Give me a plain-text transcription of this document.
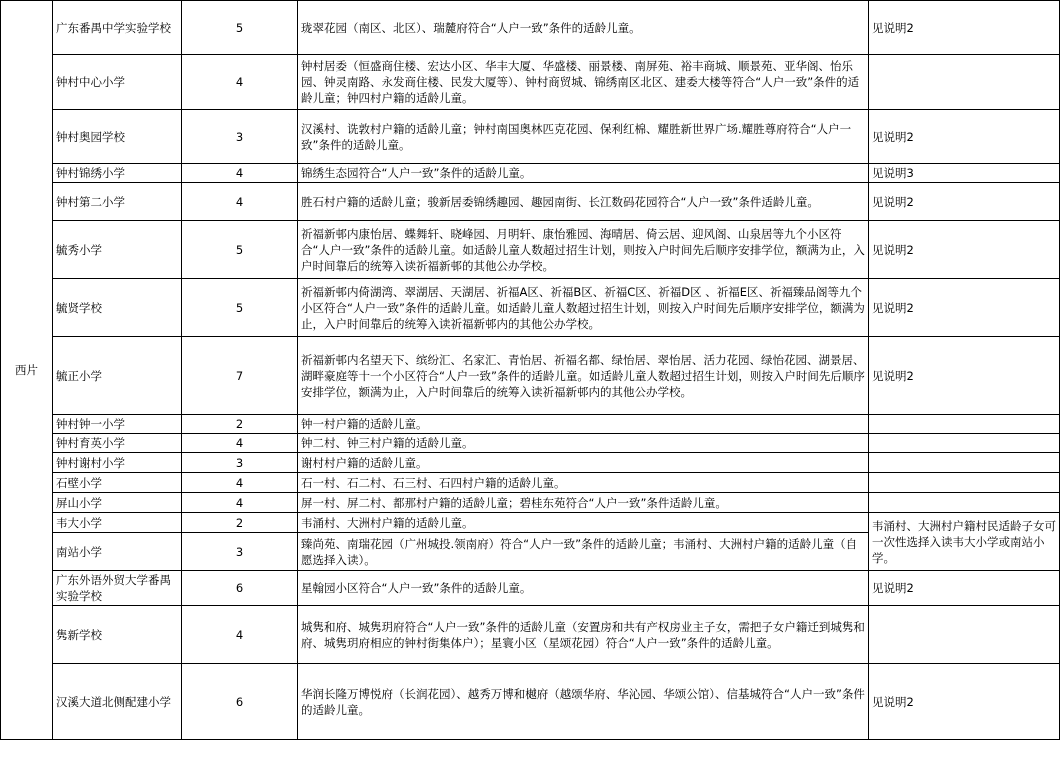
西片	广东番禺中学实验学校	5	珑翠花园（南区、北区）、瑞麓府符合“人户一致”条件的适龄儿童。	见说明2
	钟村中心小学	4	钟村居委（恒盛商住楼、宏达小区、华丰大厦、华盛楼、丽景楼、南屏苑、裕丰商城、顺景苑、亚华阁、怡乐园、钟灵南路、永发商住楼、民发大厦等）、钟村商贸城、锦绣南区北区、建委大楼等符合“人户一致”条件的适龄儿童；钟四村户籍的适龄儿童。	
	钟村奥园学校	3	汉溪村、诜敦村户籍的适龄儿童；钟村南国奥林匹克花园、保利红棉、耀胜新世界广场.耀胜尊府符合“人户一致”条件的适龄儿童。	见说明2
	钟村锦绣小学	4	锦绣生态园符合“人户一致”条件的适龄儿童。	见说明3
	钟村第二小学	4	胜石村户籍的适龄儿童；骏新居委锦绣趣园、趣园南街、长江数码花园符合“人户一致”条件适龄儿童。	见说明2
	毓秀小学	5	祈福新邨内康怡居、蝶舞轩、晓峰园、月明轩、康怡雅园、海晴居、倚云居、迎风阁、山泉居等九个小区符合“人户一致”条件的适龄儿童。如适龄儿童人数超过招生计划，则按入户时间先后顺序安排学位，额满为止，入户时间靠后的统筹入读祈福新邨的其他公办学校。	见说明2
	毓贤学校	5	祈福新邨内倚湖湾、翠湖居、天湖居、祈福A区、祈福B区、祈福C区、祈福D区 、祈福E区、祈福臻品阁等九个小区符合“人户一致”条件的适龄儿童。如适龄儿童人数超过招生计划，则按入户时间先后顺序安排学位，额满为止，入户时间靠后的统筹入读祈福新邨内的其他公办学校。	见说明2
	毓正小学	7	祈福新邨内名望天下、缤纷汇、名家汇、青怡居、祈福名都、绿怡居、翠怡居、活力花园、绿怡花园、湖景居、湖畔豪庭等十一个小区符合“人户一致”条件的适龄儿童。如适龄儿童人数超过招生计划，则按入户时间先后顺序安排学位，额满为止，入户时间靠后的统筹入读祈福新邨内的其他公办学校。	见说明2
	钟村钟一小学	2	钟一村户籍的适龄儿童。	
	钟村育英小学	4	钟二村、钟三村户籍的适龄儿童。	
	钟村谢村小学	3	谢村村户籍的适龄儿童。	
	石壁小学	4	石一村、石二村、石三村、石四村户籍的适龄儿童。	
	屏山小学	4	屏一村、屏二村、都那村户籍的适龄儿童；碧桂东苑符合“人户一致”条件适龄儿童。	
	韦大小学	2	韦涌村、大洲村户籍的适龄儿童。	韦涌村、大洲村户籍村民适龄子女可一次性选择入读韦大小学或南站小学。
	南站小学	3	臻尚苑、南瑞花园（广州城投.领南府）符合“人户一致”条件的适龄儿童；韦涌村、大洲村户籍的适龄儿童（自愿选择入读）。	
	广东外语外贸大学番禺实验学校	6	星翰园小区符合“人户一致”条件的适龄儿童。	见说明2
	隽新学校	4	城隽和府、城隽玥府符合“人户一致”条件的适龄儿童（安置房和共有产权房业主子女，需把子女户籍迁到城隽和府、城隽玥府相应的钟村街集体户）；星寰小区（星颂花园）符合“人户一致”条件的适龄儿童。	
	汉溪大道北侧配建小学	6	华润长隆万博悦府（长润花园）、越秀万博和樾府（越颂华府、华沁园、华颂公馆）、信基城符合“人户一致”条件的适龄儿童。	见说明2
